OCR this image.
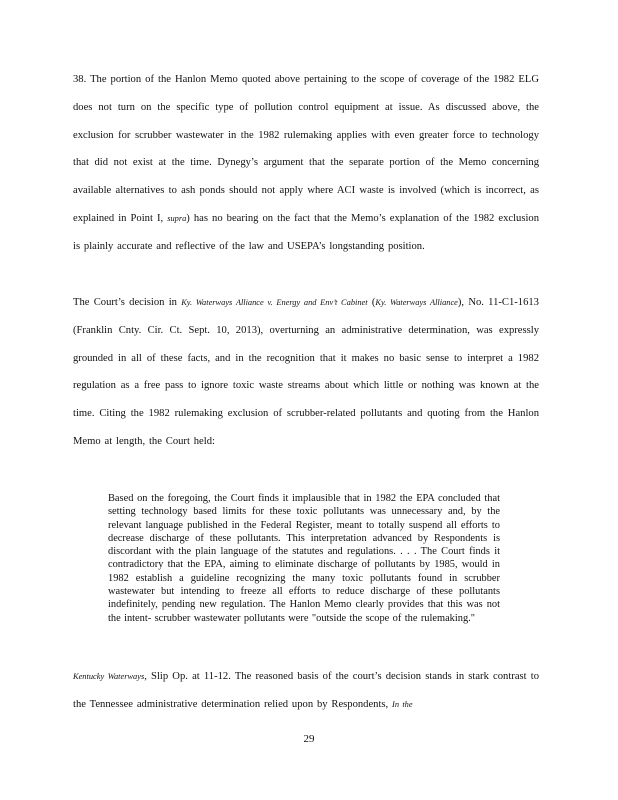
38. The portion of the Hanlon Memo quoted above pertaining to the scope of coverage of the 1982 ELG does not turn on the specific type of pollution control equipment at issue. As discussed above, the exclusion for scrubber wastewater in the 1982 rulemaking applies with even greater force to technology that did not exist at the time. Dynegy’s argument that the separate portion of the Memo concerning available alternatives to ash ponds should not apply where ACI waste is involved (which is incorrect, as explained in Point I, supra) has no bearing on the fact that the Memo’s explanation of the 1982 exclusion is plainly accurate and reflective of the law and USEPA’s longstanding position.

The Court’s decision in Ky. Waterways Alliance v. Energy and Env’t Cabinet (Ky. Waterways Alliance), No. 11-C1-1613 (Franklin Cnty. Cir. Ct. Sept. 10, 2013), overturning an administrative determination, was expressly grounded in all of these facts, and in the recognition that it makes no basic sense to interpret a 1982 regulation as a free pass to ignore toxic waste streams about which little or nothing was known at the time. Citing the 1982 rulemaking exclusion of scrubber-related pollutants and quoting from the Hanlon Memo at length, the Court held:

Based on the foregoing, the Court finds it implausible that in 1982 the EPA concluded that setting technology based limits for these toxic pollutants was unnecessary and, by the relevant language published in the Federal Register, meant to totally suspend all efforts to decrease discharge of these pollutants. This interpretation advanced by Respondents is discordant with the plain language of the statutes and regulations. . . . The Court finds it contradictory that the EPA, aiming to eliminate discharge of pollutants by 1985, would in 1982 establish a guideline recognizing the many toxic pollutants found in scrubber wastewater but intending to freeze all efforts to reduce discharge of these pollutants indefinitely, pending new regulation. The Hanlon Memo clearly provides that this was not the intent- scrubber wastewater pollutants were "outside the scope of the rulemaking."

Kentucky Waterways, Slip Op. at 11-12. The reasoned basis of the court’s decision stands in stark contrast to the Tennessee administrative determination relied upon by Respondents, In the

29
